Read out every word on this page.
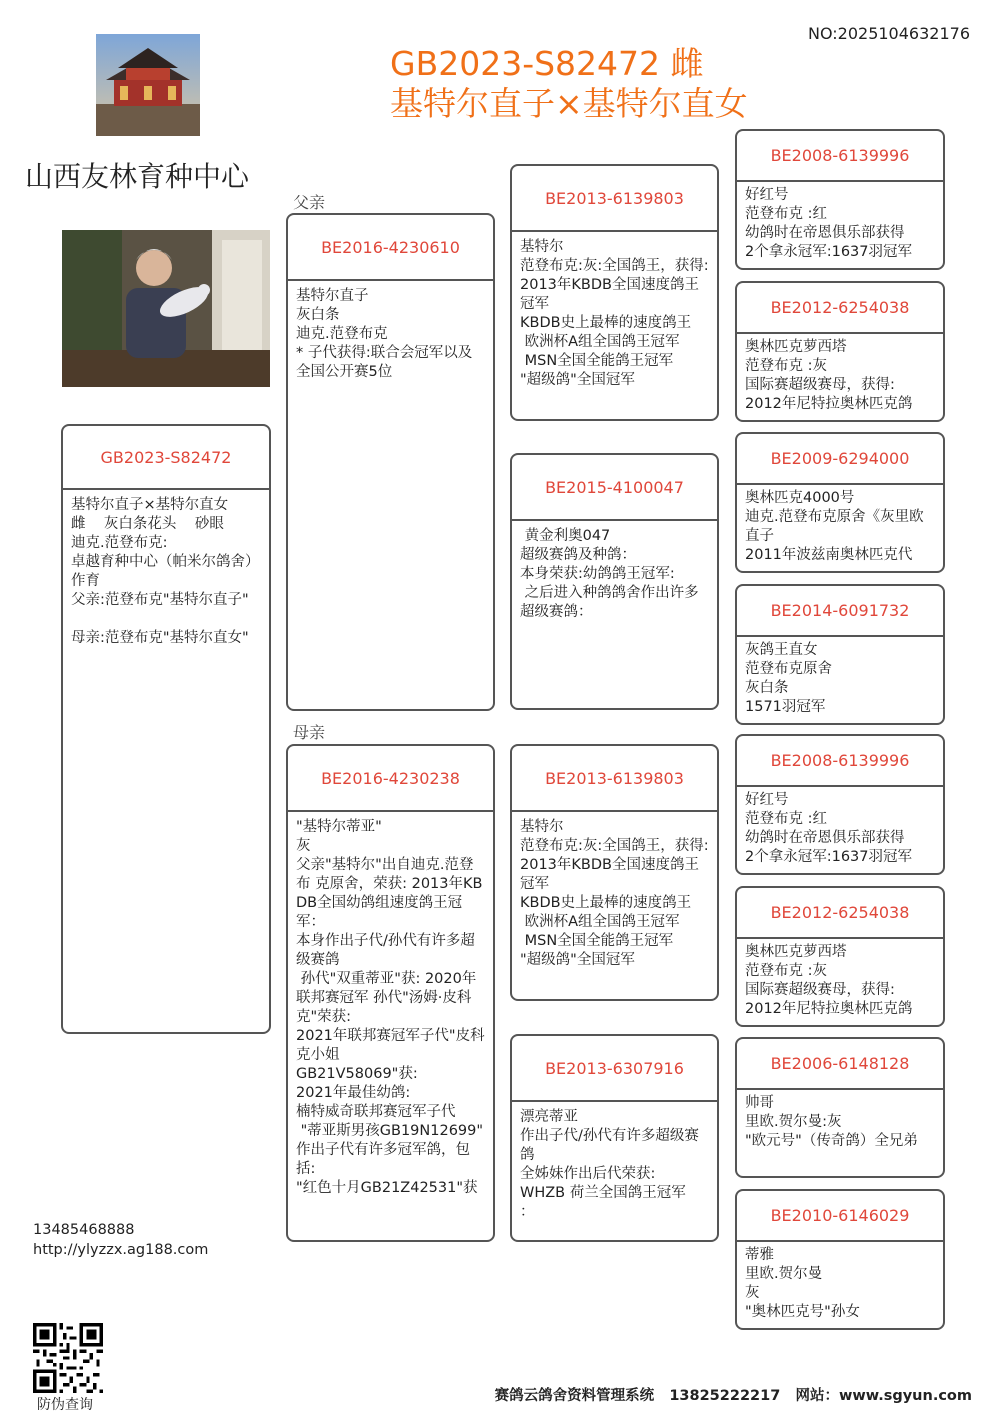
NO:2025104632176
GB2023-S82472 雌
基特尔直子×基特尔直女
山西友林育种中心
父亲
母亲
GB2023-S82472
基特尔直子×基特尔直女
雌    灰白条花头    砂眼
迪克.范登布克:
卓越育种中心（帕米尔鸽舍）作育
父亲:范登布克"基特尔直子"

母亲:范登布克"基特尔直女"

BE2016-4230610
基特尔直子
灰白条
迪克.范登布克
* 子代获得:联合会冠军以及全国公开赛5位
BE2016-4230238
"基特尔蒂亚"
灰
父亲"基特尔"出自迪克.范登布 克原舍，荣获: 2013年KBDB全国幼鸽组速度鸽王冠军：
本身作出子代/孙代有许多超级赛鸽
孙代"双重蒂亚"获: 2020年联邦赛冠军 孙代"汤姆·皮科克"荣获:
2021年联邦赛冠军子代"皮科克小姐
GB21V58069"获:
2021年最佳幼鸽:
楠特威奇联邦赛冠军子代
"蒂亚斯男孩GB19N12699"
作出子代有许多冠军鸽，包括:
"红色十月GB21Z42531"获
BE2013-6139803
基特尔
范登布克:灰:全国鸽王，获得:
2013年KBDB全国速度鸽王冠军
KBDB史上最棒的速度鸽王
欧洲杯A组全国鸽王冠军
MSN全国全能鸽王冠军
"超级鸽"全国冠军
BE2015-4100047
黄金利奥047
超级赛鸽及种鸽：
本身荣获:幼鸽鸽王冠军:
之后进入种鸽鸽舍作出许多超级赛鸽：
BE2013-6139803
基特尔
范登布克:灰:全国鸽王，获得:
2013年KBDB全国速度鸽王冠军
KBDB史上最棒的速度鸽王
欧洲杯A组全国鸽王冠军
MSN全国全能鸽王冠军
"超级鸽"全国冠军
BE2013-6307916
漂亮蒂亚
作出子代/孙代有许多超级赛鸽
全姊妹作出后代荣获:
WHZB 荷兰全国鸽王冠军
：
BE2008-6139996
好红号
范登布克 :红
幼鸽时在帝恩俱乐部获得
2个拿永冠军:1637羽冠军
BE2012-6254038
奥林匹克萝西塔
范登布克 :灰
国际赛超级赛母，获得:
2012年尼特拉奥林匹克鸽
BE2009-6294000
奥林匹克4000号
迪克.范登布克原舍《灰里欧直子
2011年波兹南奥林匹克代
BE2014-6091732
灰鸽王直女
范登布克原舍
灰白条
1571羽冠军
BE2008-6139996
好红号
范登布克 :红
幼鸽时在帝恩俱乐部获得
2个拿永冠军:1637羽冠军
BE2012-6254038
奥林匹克萝西塔
范登布克 :灰
国际赛超级赛母，获得:
2012年尼特拉奥林匹克鸽
BE2006-6148128
帅哥
里欧.贺尔曼:灰
"欧元号"（传奇鸽）全兄弟
BE2010-6146029
蒂雅
里欧.贺尔曼
灰
"奥林匹克号"孙女
13485468888
http://ylyzzx.ag188.com
防伪查询
赛鸽云鸽舍资料管理系统   13825222217   网站：www.sgyun.com
